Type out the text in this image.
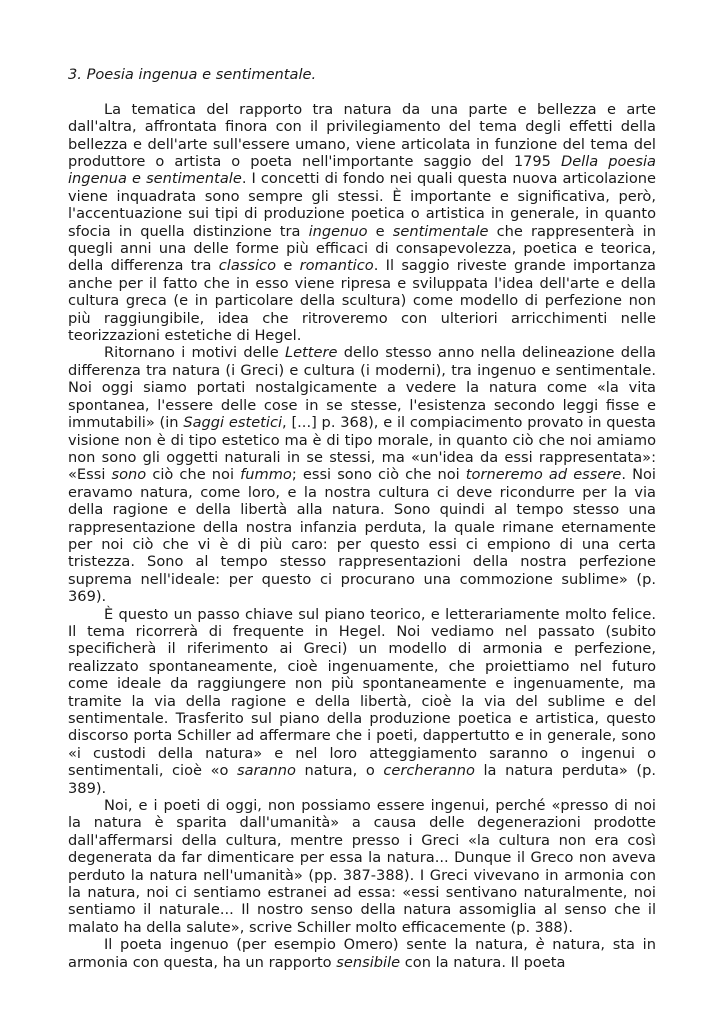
3. Poesia ingenua e sentimentale.

La tematica del rapporto tra natura da una parte e bellezza e arte dall'altra, affrontata finora con il privilegiamento del tema degli effetti della bellezza e dell'arte sull'essere umano, viene articolata in funzione del tema del produttore o artista o poeta nell'importante saggio del 1795 Della poesia ingenua e sentimentale. I concetti di fondo nei quali questa nuova articolazione viene inquadrata sono sempre gli stessi. È importante e significativa, però, l'accentuazione sui tipi di produzione poetica o artistica in generale, in quanto sfocia in quella distinzione tra ingenuo e sentimentale che rappresenterà in quegli anni una delle forme più efficaci di consapevolezza, poetica e teorica, della differenza tra classico e romantico. Il saggio riveste grande importanza anche per il fatto che in esso viene ripresa e sviluppata l'idea dell'arte e della cultura greca (e in particolare della scultura) come modello di perfezione non più raggiungibile, idea che ritroveremo con ulteriori arricchimenti nelle teorizzazioni estetiche di Hegel.

Ritornano i motivi delle Lettere dello stesso anno nella delineazione della differenza tra natura (i Greci) e cultura (i moderni), tra ingenuo e sentimentale. Noi oggi siamo portati nostalgicamente a vedere la natura come «la vita spontanea, l'essere delle cose in se stesse, l'esistenza secondo leggi fisse e immutabili» (in Saggi estetici, [...] p. 368), e il compiacimento provato in questa visione non è di tipo estetico ma è di tipo morale, in quanto ciò che noi amiamo non sono gli oggetti naturali in se stessi, ma «un'idea da essi rappresentata»: «Essi sono ciò che noi fummo; essi sono ciò che noi torneremo ad essere. Noi eravamo natura, come loro, e la nostra cultura ci deve ricondurre per la via della ragione e della libertà alla natura. Sono quindi al tempo stesso una rappresentazione della nostra infanzia perduta, la quale rimane eternamente per noi ciò che vi è di più caro: per questo essi ci empiono di una certa tristezza. Sono al tempo stesso rappresentazioni della nostra perfezione suprema nell'ideale: per questo ci procurano una commozione sublime» (p. 369).

È questo un passo chiave sul piano teorico, e letterariamente molto felice. Il tema ricorrerà di frequente in Hegel. Noi vediamo nel passato (subito specificherà il riferimento ai Greci) un modello di armonia e perfezione, realizzato spontaneamente, cioè ingenuamente, che proiettiamo nel futuro come ideale da raggiungere non più spontaneamente e ingenuamente, ma tramite la via della ragione e della libertà, cioè la via del sublime e del sentimentale. Trasferito sul piano della produzione poetica e artistica, questo discorso porta Schiller ad affermare che i poeti, dappertutto e in generale, sono «i custodi della natura» e nel loro atteggiamento saranno o ingenui o sentimentali, cioè «o saranno natura, o cercheranno la natura perduta» (p. 389).

Noi, e i poeti di oggi, non possiamo essere ingenui, perché «presso di noi la natura è sparita dall'umanità» a causa delle degenerazioni prodotte dall'affermarsi della cultura, mentre presso i Greci «la cultura non era così degenerata da far dimenticare per essa la natura... Dunque il Greco non aveva perduto la natura nell'umanità» (pp. 387-388). I Greci vivevano in armonia con la natura, noi ci sentiamo estranei ad essa: «essi sentivano naturalmente, noi sentiamo il naturale... Il nostro senso della natura assomiglia al senso che il malato ha della salute», scrive Schiller molto efficacemente (p. 388).

Il poeta ingenuo (per esempio Omero) sente la natura, è natura, sta in armonia con questa, ha un rapporto sensibile con la natura. Il poeta
